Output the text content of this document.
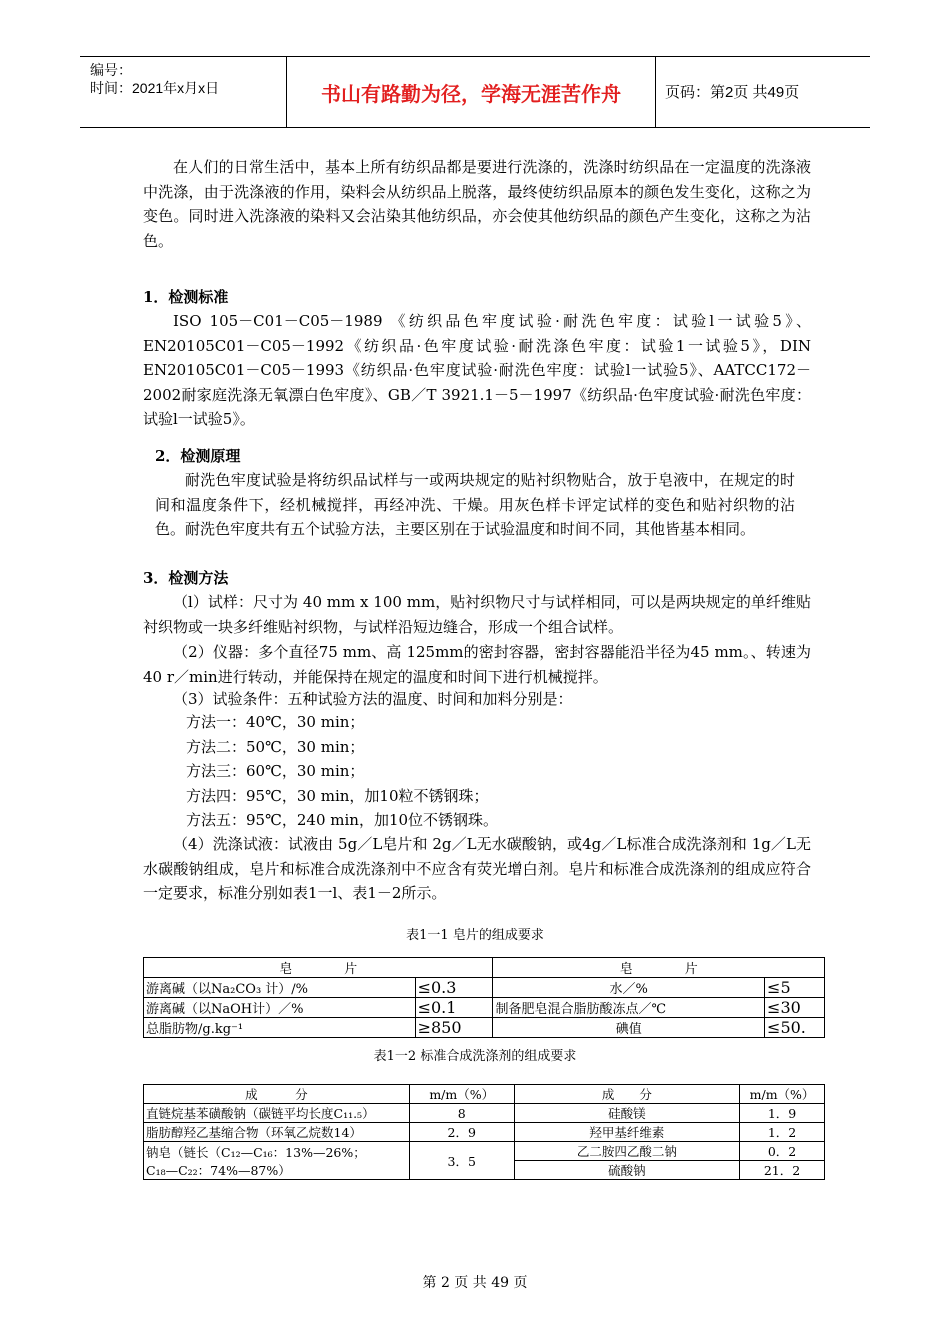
编号：
时间：2021年x月x日	书山有路勤为径，学海无涯苦作舟	页码：第2页 共49页

在人们的日常生活中，基本上所有纺织品都是要进行洗涤的，洗涤时纺织品在一定温度的洗涤液中洗涤，由于洗涤液的作用，染料会从纺织品上脱落，最终使纺织品原本的颜色发生变化，这称之为变色。同时进入洗涤液的染料又会沾染其他纺织品，亦会使其他纺织品的颜色产生变化，这称之为沾色。

1．检测标准

ISO 105－C01－C05－1989 《纺织品色牢度试验·耐洗色牢度：试验l一试验5》、EN20105C01－C05－1992《纺织品·色牢度试验·耐洗涤色牢度：试验1一试验5》，DIN EN20105C01－C05－1993《纺织品·色牢度试验·耐洗色牢度：试验l一试验5》、AATCC172－2002耐家庭洗涤无氧漂白色牢度》、GB／T 3921.1－5－1997《纺织品·色牢度试验·耐洗色牢度：试验l一试验5》。

2．检测原理

耐洗色牢度试验是将纺织品试样与一或两块规定的贴衬织物贴合，放于皂液中，在规定的时间和温度条件下，经机械搅拌，再经冲洗、干燥。用灰色样卡评定试样的变色和贴衬织物的沾色。耐洗色牢度共有五个试验方法，主要区别在于试验温度和时间不同，其他皆基本相同。

3．检测方法

（l）试样：尺寸为 40 mm x 100 mm，贴衬织物尺寸与试样相同，可以是两块规定的单纤维贴衬织物或一块多纤维贴衬织物，与试样沿短边缝合，形成一个组合试样。

（2）仪器：多个直径75 mm、高 125mm的密封容器，密封容器能沿半径为45 mm。、转速为 40 r／min进行转动，并能保持在规定的温度和时间下进行机械搅拌。

（3）试验条件：五种试验方法的温度、时间和加料分别是：

方法一：40℃，30 min；
方法二：50℃，30 min；
方法三：60℃，30 min；
方法四：95℃，30 min，加10粒不锈钢珠；
方法五：95℃，240 min，加10位不锈钢珠。

（4）洗涤试液：试液由 5g／L皂片和 2g／L无水碳酸钠，或4g／L标准合成洗涤剂和 1g／L无水碳酸钠组成，皂片和标准合成洗涤剂中不应含有荧光增白剂。皂片和标准合成洗涤剂的组成应符合一定要求，标准分别如表1一l、表1－2所示。

表1一1 皂片的组成要求
皂　　　　片		皂　　　　片	
游离碱（以Na₂CO₃ 计）/%	≤0.3	水／%	≤5
游离碱（以NaOH计）／%	≤0.1	制备肥皂混合脂肪酸冻点／℃	≤30
总脂肪物/g.kg⁻¹	≥850	碘值	≤50.
表1一2 标准合成洗涤剂的组成要求
成　　　分	m/m（%）	成　　分	m/m（%）
直链烷基苯磺酸钠（碳链平均长度C₁₁.₅）	8	硅酸镁	1．9
脂肪醇羟乙基缩合物（环氧乙烷数14）	2．9	羟甲基纤维素	1．2

钠皂（链长（C₁₂—C₁₆：13%—26%；
C₁₈—C₂₂：74%—87%）	3．5	乙二胺四乙酸二钠	0．2
		硫酸钠	21．2
第 2 页 共 49 页
